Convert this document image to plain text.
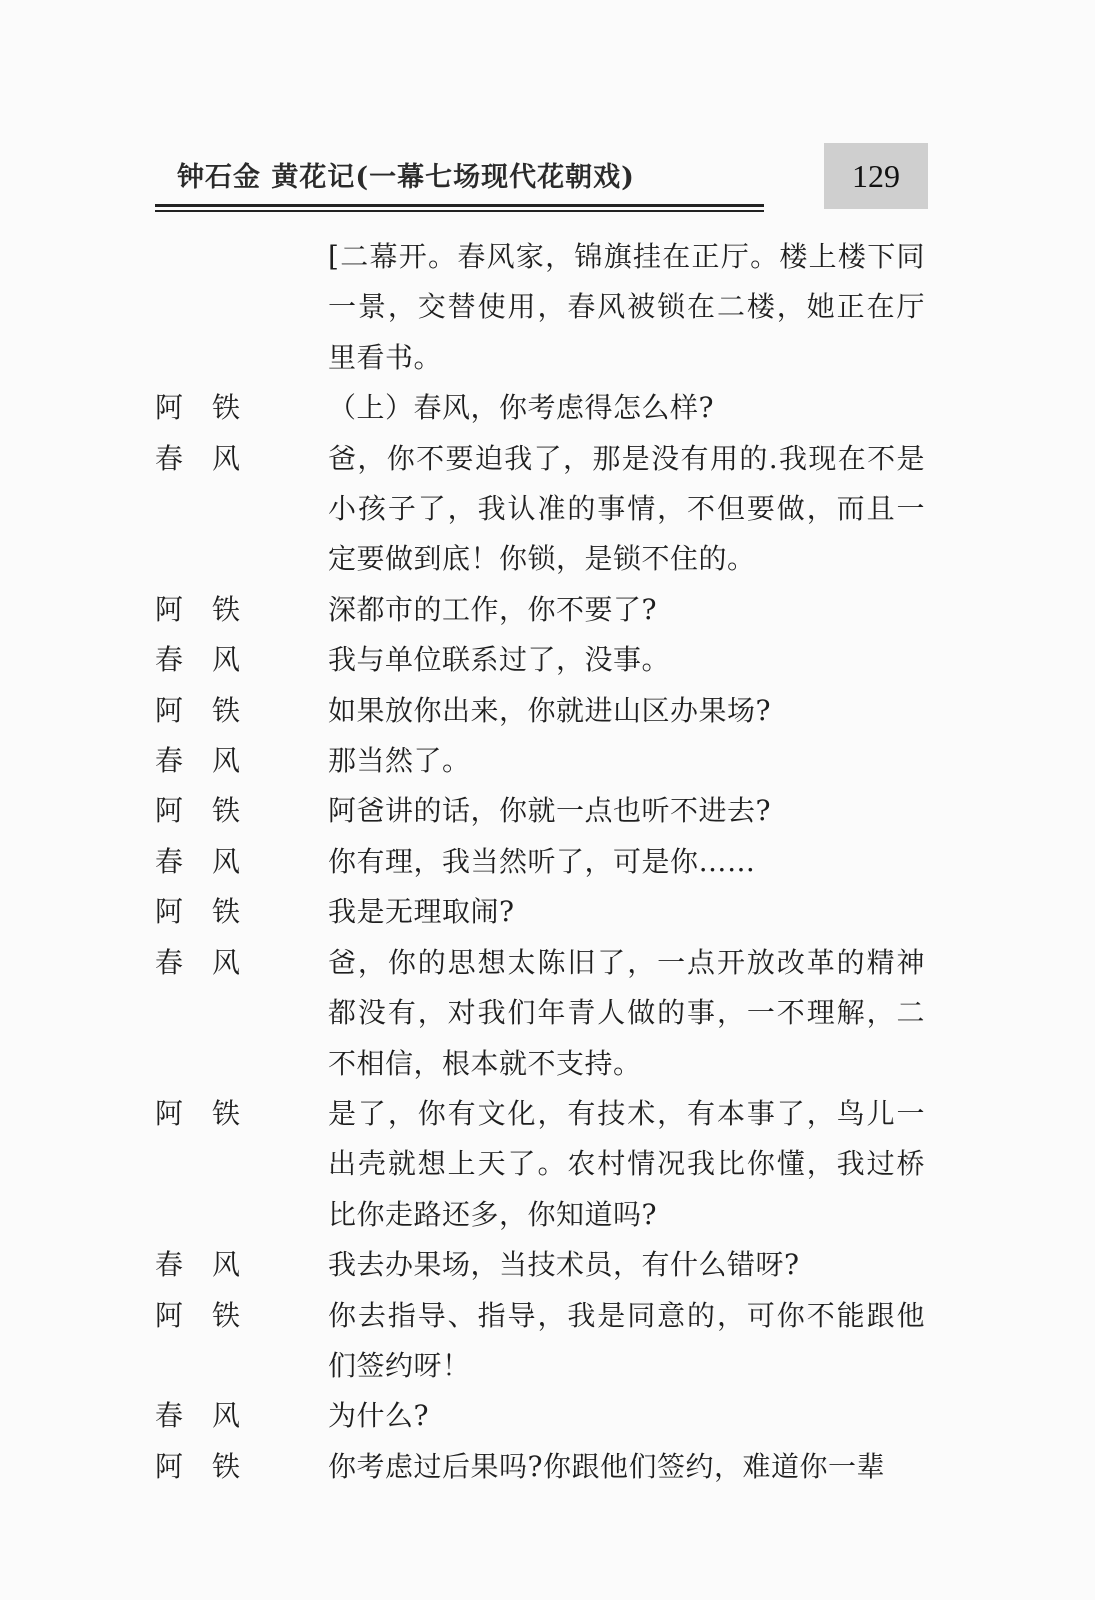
钟石金 黄花记(一幕七场现代花朝戏)	129
[二幕开。春风家，锦旗挂在正厅。楼上楼下同一景，交替使用，春风被锁在二楼，她正在厅里看书。
阿 铁	（上）春风，你考虑得怎么样?
春 风	爸，你不要迫我了，那是没有用的.我现在不是小孩子了，我认准的事情，不但要做，而且一定要做到底！你锁，是锁不住的。
阿 铁	深都市的工作，你不要了?
春 风	我与单位联系过了，没事。
阿 铁	如果放你出来，你就进山区办果场?
春 风	那当然了。
阿 铁	阿爸讲的话，你就一点也听不进去?
春 风	你有理，我当然听了，可是你……
阿 铁	我是无理取闹?
春 风	爸，你的思想太陈旧了，一点开放改革的精神都没有，对我们年青人做的事，一不理解，二不相信，根本就不支持。
阿 铁	是了，你有文化，有技术，有本事了，鸟儿一出壳就想上天了。农村情况我比你懂，我过桥比你走路还多，你知道吗?
春 风	我去办果场，当技术员，有什么错呀?
阿 铁	你去指导、指导，我是同意的，可你不能跟他们签约呀！
春 风	为什么?
阿 铁	你考虑过后果吗?你跟他们签约，难道你一辈
